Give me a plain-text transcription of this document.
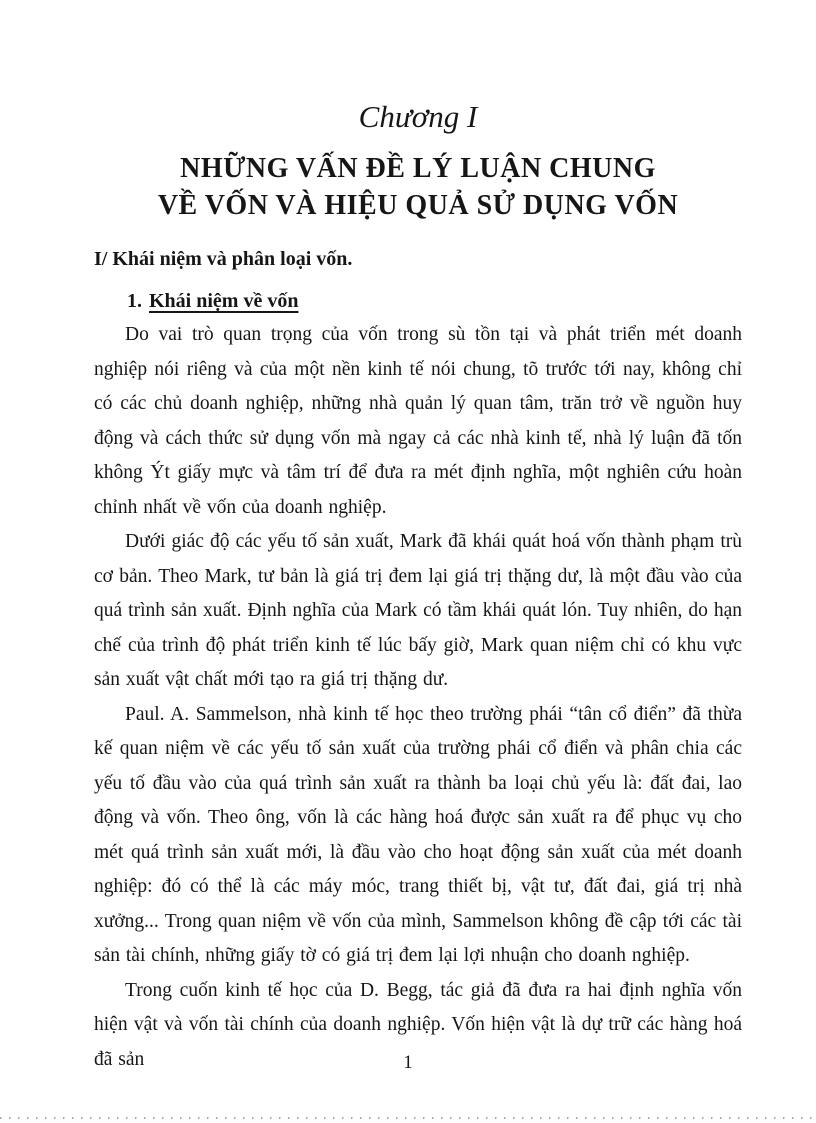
Chương I
NHỮNG VẤN ĐỀ LÝ LUẬN CHUNG
VỀ VỐN VÀ HIỆU QUẢ SỬ DỤNG VỐN
I/ Khái niệm và phân loại vốn.
1. Khái niệm về vốn

Do vai trò quan trọng của vốn trong sù tồn tại và phát triển mét doanh nghiệp nói riêng và của một nền kinh tế nói chung, tõ trước tới nay, không chỉ có các chủ doanh nghiệp, những nhà quản lý quan tâm, trăn trở về nguồn huy động và cách thức sử dụng vốn mà ngay cả các nhà kinh tế, nhà lý luận đã tốn không Ýt giấy mực và tâm trí để đưa ra mét định nghĩa, một nghiên cứu hoàn chỉnh nhất về vốn của doanh nghiệp.

Dưới giác độ các yếu tố sản xuất, Mark đã khái quát hoá vốn thành phạm trù cơ bản. Theo Mark, tư bản là giá trị đem lại giá trị thặng dư, là một đầu vào của quá trình sản xuất. Định nghĩa của Mark có tầm khái quát lón. Tuy nhiên, do hạn chế của trình độ phát triển kinh tế lúc bấy giờ, Mark quan niệm chỉ có khu vực sản xuất vật chất mới tạo ra giá trị thặng dư.

Paul. A. Sammelson, nhà kinh tế học theo trường phái “tân cổ điển” đã thừa kế quan niệm về các yếu tố sản xuất của trường phái cổ điển và phân chia các yếu tố đầu vào của quá trình sản xuất ra thành ba loại chủ yếu là: đất đai, lao động và vốn. Theo ông, vốn là các hàng hoá được sản xuất ra để phục vụ cho mét quá trình sản xuất mới, là đầu vào cho hoạt động sản xuất của mét doanh nghiệp: đó có thể là các máy móc, trang thiết bị, vật tư, đất đai, giá trị nhà xưởng... Trong quan niệm về vốn của mình, Sammelson không đề cập tới các tài sản tài chính, những giấy tờ có giá trị đem lại lợi nhuận cho doanh nghiệp.

Trong cuốn kinh tế học của D. Begg, tác giả đã đưa ra hai định nghĩa vốn hiện vật và vốn tài chính của doanh nghiệp. Vốn hiện vật là dự trữ các hàng hoá đã sản	1
